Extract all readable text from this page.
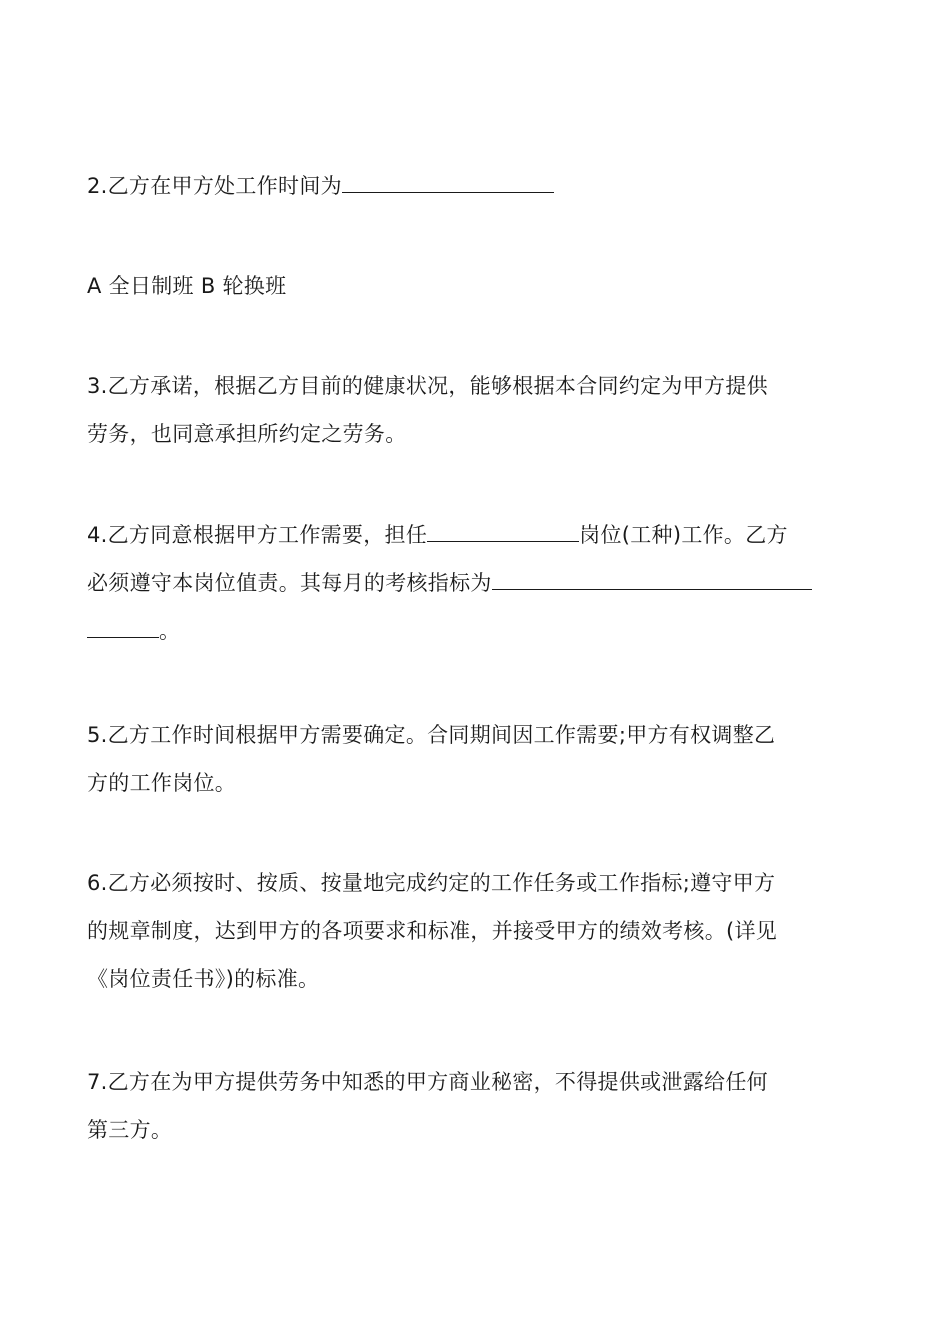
2.乙方在甲方处工作时间为

A 全日制班 B 轮换班

3.乙方承诺，根据乙方目前的健康状况，能够根据本合同约定为甲方提供
劳务，也同意承担所约定之劳务。

4.乙方同意根据甲方工作需要，担任	岗位(工种)工作。乙方
必须遵守本岗位值责。其每月的考核指标为
。

5.乙方工作时间根据甲方需要确定。合同期间因工作需要;甲方有权调整乙
方的工作岗位。

6.乙方必须按时、按质、按量地完成约定的工作任务或工作指标;遵守甲方
的规章制度，达到甲方的各项要求和标准，并接受甲方的绩效考核。(详见
《岗位责任书》)的标准。

7.乙方在为甲方提供劳务中知悉的甲方商业秘密，不得提供或泄露给任何
第三方。
